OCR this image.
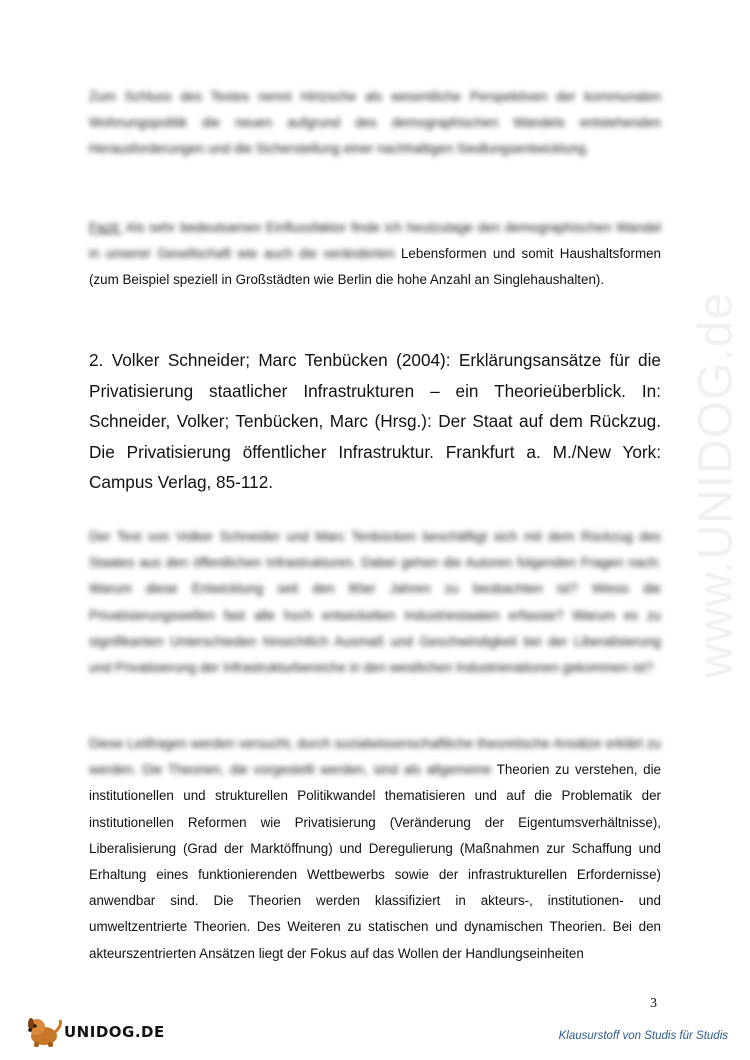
www.UNIDOG.de
Zum Schluss des Textes nennt Hirtzsche als wesentliche Perspektiven der kommunalen Wohnungspolitik die neuen aufgrund des demographischen Wandels entstehenden Herausforderungen und die Sicherstellung einer nachhaltigen Siedlungsentwicklung.
Fazit: Als sehr bedeutsamen Einflussfaktor finde ich heutzutage den demographischen Wandel in unserer Gesellschaft wie auch die veränderten Lebensformen und somit Haushaltsformen (zum Beispiel speziell in Großstädten wie Berlin die hohe Anzahl an Singlehaushalten).
2. Volker Schneider; Marc Tenbücken (2004): Erklärungsansätze für die Privatisierung staatlicher Infrastrukturen – ein Theorieüberblick. In: Schneider, Volker; Tenbücken, Marc (Hrsg.): Der Staat auf dem Rückzug. Die Privatisierung öffentlicher Infrastruktur. Frankfurt a. M./New York: Campus Verlag, 85-112.
Der Text von Volker Schneider und Marc Tenbücken beschäftigt sich mit dem Rückzug des Staates aus den öffentlichen Infrastrukturen. Dabei gehen die Autoren folgenden Fragen nach: Warum diese Entwicklung seit den 80er Jahren zu beobachten ist? Wieso die Privatisierungswellen fast alle hoch entwickelten Industriestaaten erfasste? Warum es zu signifikanten Unterschieden hinsichtlich Ausmaß und Geschwindigkeit bei der Liberalisierung und Privatisierung der Infrastrukturbereiche in den westlichen Industrienationen gekommen ist?
Diese Leitfragen werden versucht, durch sozialwissenschaftliche theoretische Ansätze erklärt zu werden. Die Theorien, die vorgestellt werden, sind als allgemeine Theorien zu verstehen, die institutionellen und strukturellen Politikwandel thematisieren und auf die Problematik der institutionellen Reformen wie Privatisierung (Veränderung der Eigentumsverhältnisse), Liberalisierung (Grad der Marktöffnung) und Deregulierung (Maßnahmen zur Schaffung und Erhaltung eines funktionierenden Wettbewerbs sowie der infrastrukturellen Erfordernisse) anwendbar sind. Die Theorien werden klassifiziert in akteurs-, institutionen- und umweltzentrierte Theorien. Des Weiteren zu statischen und dynamischen Theorien. Bei den akteurszentrierten Ansätzen liegt der Fokus auf das Wollen der Handlungseinheiten
3
UNIDOG.DE	Klausurstoff von Studis für Studis
